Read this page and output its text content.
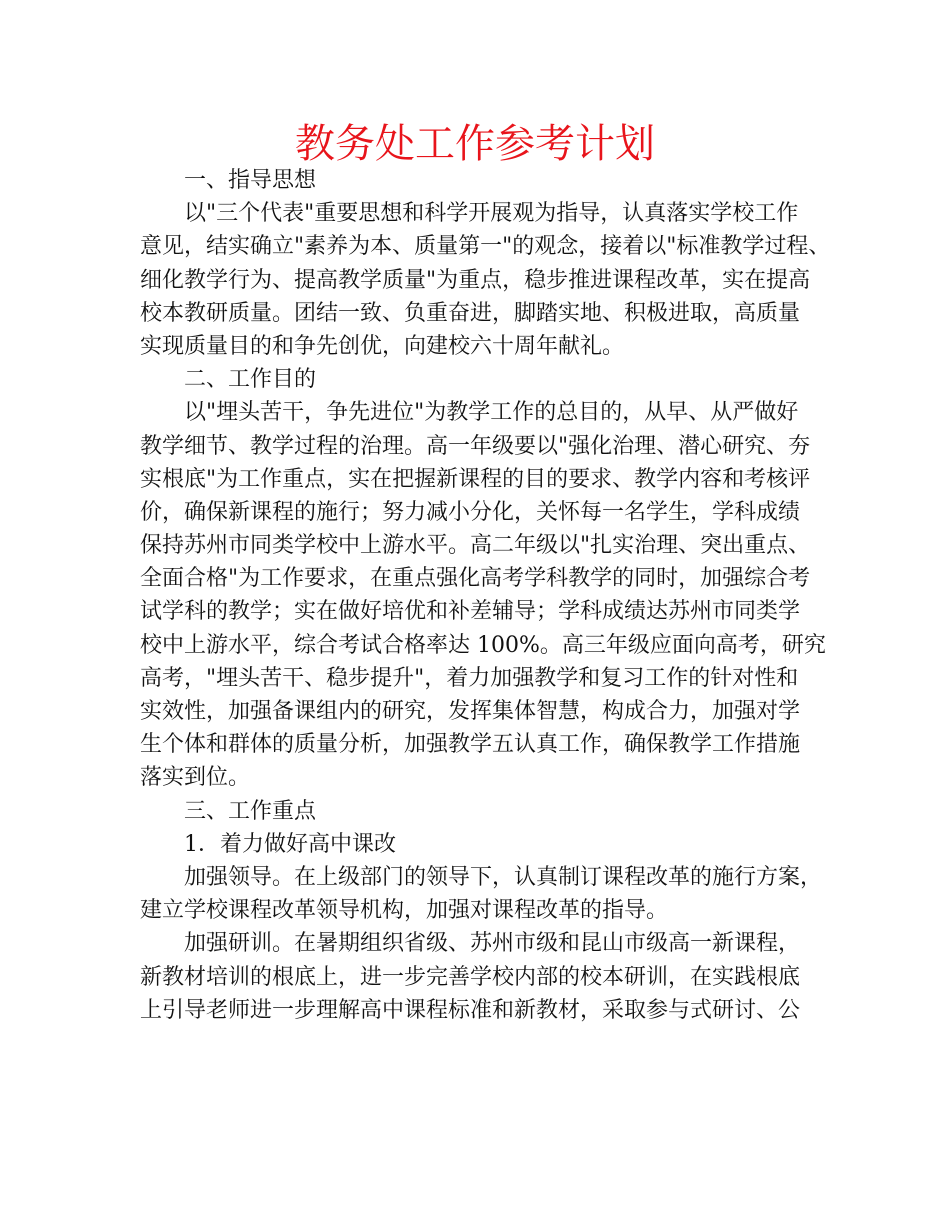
教务处工作参考计划
一、指导思想
以"三个代表"重要思想和科学开展观为指导，认真落实学校工作
意见，结实确立"素养为本、质量第一"的观念，接着以"标准教学过程、
细化教学行为、提高教学质量"为重点，稳步推进课程改革，实在提高
校本教研质量。团结一致、负重奋进，脚踏实地、积极进取，高质量
实现质量目的和争先创优，向建校六十周年献礼。
二、工作目的
以"埋头苦干，争先进位"为教学工作的总目的，从早、从严做好
教学细节、教学过程的治理。高一年级要以"强化治理、潜心研究、夯
实根底"为工作重点，实在把握新课程的目的要求、教学内容和考核评
价，确保新课程的施行；努力减小分化，关怀每一名学生，学科成绩
保持苏州市同类学校中上游水平。高二年级以"扎实治理、突出重点、
全面合格"为工作要求，在重点强化高考学科教学的同时，加强综合考
试学科的教学；实在做好培优和补差辅导；学科成绩达苏州市同类学
校中上游水平，综合考试合格率达 100%。高三年级应面向高考，研究
高考，"埋头苦干、稳步提升"，着力加强教学和复习工作的针对性和
实效性，加强备课组内的研究，发挥集体智慧，构成合力，加强对学
生个体和群体的质量分析，加强教学五认真工作，确保教学工作措施
落实到位。
三、工作重点
1．着力做好高中课改
加强领导。在上级部门的领导下，认真制订课程改革的施行方案，
建立学校课程改革领导机构，加强对课程改革的指导。
加强研训。在暑期组织省级、苏州市级和昆山市级高一新课程，
新教材培训的根底上，进一步完善学校内部的校本研训，在实践根底
上引导老师进一步理解高中课程标准和新教材，采取参与式研讨、公
